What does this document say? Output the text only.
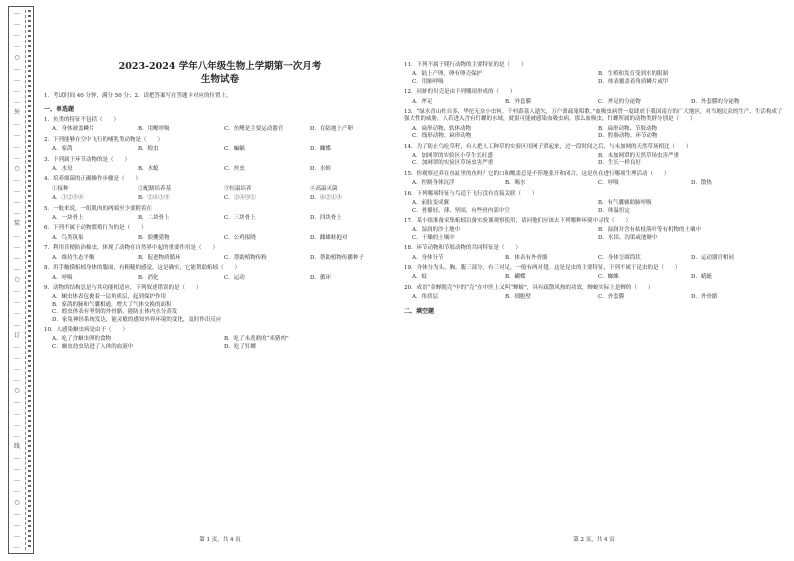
…
…
…
…
○
…
…
…
…
外
…
…
…
…
○
…
…
…
…
装
…
…
…
…
○
…
…
…
…
订
…
…
…
…
○
…
…
…
…
线
…
…
…
…
○
…
…
…
…
2023-2024 学年八年级生物上学期第一次月考
生物试卷
1．考试时间 40 分钟，满分 50 分；2．请把答案写在答题卡对应的位置上。
一、单选题
1．鱼类的特征不包括（　　）
A．身体被盖鳞片	B．用鳃呼吸	C．鱼鳍是主要运动器官	D．在陆地上产卵
2．下列能够在空中飞行的哺乳类动物是（　　）
A．家鸽	B．蝗虫	C．蝙蝠	D．蝴蝶
3．下列属于环节动物的是（　　）
A．水母	B．水螅	C．丝虫	D．水蛭
4．培养细菌的正确操作步骤是（　　）
①接种	②配制培养基	③恒温培养	④高温灭菌
A．①②③④	B．②④①③	C．②④③①	D．④②①③
5．一般来说，一组肌肉的两端至少要附着在
A．一块骨上	B．二块骨上	C．三块骨上	D．四块骨上
6．下列不属于动物繁殖行为的是（　　）
A．鸟类筑巢	B．狼攫猎物	C．公鸡报晓	D．雌雄蛙抱对
7．利用昔梗防治棉虫，体现了动物在自然界中起的重要作用是（　　）
A．维持生态平衡	B．促进物质循环	C．帮助植物传粉	D．帮助植物传播种子
8．用手触摸蚯蚓身体的腹面，有粗糙的感觉，这是确实，它能帮助蚯蚓（　　）
A．呼吸	B．消化	C．运动	D．循环
9．动物的结构总是与其功能相适应，下列叙述错误的是（　　）
A．蛔虫体表包裹着一层角质层，起到保护作用
B．家鸽的肺和气囊相通，增大了气体交换的面积
C．蝗虫体表有坚韧的外骨骼，能防止体内水分蒸发
D．家兔神经系统发达，能灵敏的感知外界环境的变化，及时作出反应
10．人感染蛔虫病是由于（　　）
A．吃了含蛔虫卵的食物	B．吃了未煮熟的“米猪肉”
C．蛔虫幼虫钻进了人体的血液中	D．吃了钉螺
第 1 页，共 4 页
11．下列不属于爬行动物的主要特征的是（　　）
A．陆上产卵，卵有卵壳保护	B．生殖和发育受到水的限制
C．用肺呼吸	D．体表覆盖着角质鳞片或甲
12．河蚌的贝壳是由下列哪项形成的（　　）
A．斧足	B．外套膜	C．斧足的分泌物	D．外套膜的分泌物
13．“绿水青山枉自多，华佗无奈小虫何。千村薜荔人遗矢，万户萧疏鬼唱歌。”血吸虫病曾一度肆虐于我国南方的广大地区，对当地民众的生产、生活构成了强大性的威胁。人若进入含有钉螺的水域，就很可能被感染血吸虫病。那么血吸虫，钉螺所属的动物类群分别是（　　）
A．扁形动物、软体动物	B．扁形动物、节肢动物
C．线形动物、扁形动物	D．腔肠动物、环节动物
14．为了防止鸟吃草籽，有人把人工种草的实验区用网子罩起来，过一段时间之后，与未加网的天然草场相比（　　）
A．加网罩的实验区小草生长旺盛	B．未加网罩的天然草场虫害严重
C．加网罩的实验区草场虫害严重	D．生长一样良好
15．你观察过养在鱼缸里的鱼吗？它的口和鳃盖总是不停地张开和闭合，这是鱼在进行哪项生理活动（　　）
A．控制身体沉浮	B．喝水	C．呼吸	D．散热
16．下列哪项特征与鸟适于飞行没有直接关联（　　）
A．前肢变成翼	B．有气囊辅助肺呼吸
C．骨骼轻、薄、坚固，有些骨内部中空	D．体温恒定
17．某小组准备采集蚯蚓以备实验课观察使用，请问他们应该去下列哪种环境中寻找（　　）
A．湿润的沙土地中	B．湿润并含有枯枝落叶等有机物的土壤中
C．干燥的土壤中	D．水田、沟渠或池塘中
18．环节动物和节肢动物的共同特征是（　　）
A．身体分节	B．体表有外骨骼	C．身体呈圆筒状	D．运动器官相同
19．身体分为头、胸、腹三部分，有三对足，一般有两对翅。这是昆虫的主要特征，下列不属于昆虫的是（　　）
A．蚊	B．蝴蝶	C．蜘蛛	D．蜻蜓
20．成语“金蝉脱壳”中的“壳”在中医上又叫“蝉蜕”，具有疏散风热的功效，蝉蜕实际上是蝉的（　　）
A．角质层	B．细胞壁	C．外套膜	D．外骨骼
二、填空题
第 2 页，共 4 页
